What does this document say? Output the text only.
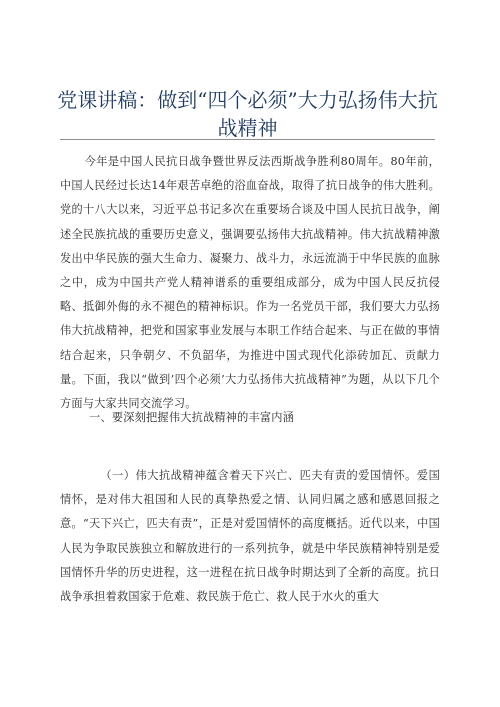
党课讲稿：做到“四个必须”大力弘扬伟大抗战精神

今年是中国人民抗日战争暨世界反法西斯战争胜利80周年。80年前，中国人民经过长达14年艰苦卓绝的浴血奋战，取得了抗日战争的伟大胜利。党的十八大以来，习近平总书记多次在重要场合谈及中国人民抗日战争，阐述全民族抗战的重要历史意义，强调要弘扬伟大抗战精神。伟大抗战精神激发出中华民族的强大生命力、凝聚力、战斗力，永远流淌于中华民族的血脉之中，成为中国共产党人精神谱系的重要组成部分，成为中国人民反抗侵略、抵御外侮的永不褪色的精神标识。作为一名党员干部，我们要大力弘扬伟大抗战精神，把党和国家事业发展与本职工作结合起来、与正在做的事情结合起来，只争朝夕、不负韶华，为推进中国式现代化添砖加瓦、贡献力量。下面，我以“做到’四个必须’大力弘扬伟大抗战精神”为题，从以下几个方面与大家共同交流学习。

一、要深刻把握伟大抗战精神的丰富内涵

（一）伟大抗战精神蕴含着天下兴亡、匹夫有责的爱国情怀。爱国情怀，是对伟大祖国和人民的真挚热爱之情、认同归属之感和感恩回报之意。“天下兴亡，匹夫有责”，正是对爱国情怀的高度概括。近代以来，中国人民为争取民族独立和解放进行的一系列抗争，就是中华民族精神特别是爱国情怀升华的历史进程，这一进程在抗日战争时期达到了全新的高度。抗日战争承担着救国家于危难、救民族于危亡、救人民于水火的重大
